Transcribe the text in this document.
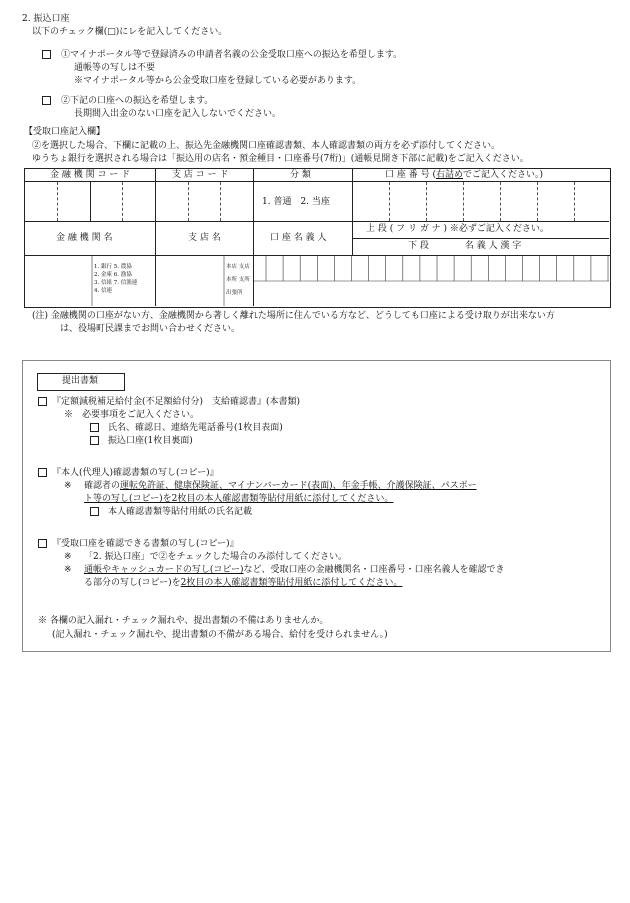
2. 振込口座
以下のチェック欄(□)にレを記入してください。
①マイナポータル等で登録済みの申請者名義の公金受取口座への振込を希望します。
通帳等の写しは不要
※マイナポータル等から公金受取口座を登録している必要があります。
②下記の口座への振込を希望します。
長期間入出金のない口座を記入しないでください。
【受取口座記入欄】
②を選択した場合、下欄に記載の上、振込先金融機関口座確認書類、本人確認書類の両方を必ず添付してください。
ゆうちょ銀行を選択される場合は「振込用の店名・預金種目・口座番号(7桁)」(通帳見開き下部に記載)をご記入ください。
金 融 機 関 コ ー ド	支 店 コ ー ド	分 類	口 座 番 号 (右詰めでご記入ください。)
1. 普通　2. 当座
金 融 機 関 名	支 店 名	口 座 名 義 人
上 段 ( フ リ ガ ナ ) ※必ずご記入ください。
下 段　　　　名 義 人 漢 字
1. 銀行 5. 農協
2. 金庫 6. 漁協
3. 信組 7. 信漁連
4. 信連
本店 支店
本所 支所
出張所
(注) 金融機関の口座がない方、金融機関から著しく離れた場所に住んでいる方など、どうしても口座による受け取りが出来ない方
は、役場町民課までお問い合わせください。
提出書類
『定額減税補足給付金(不足額給付分)　支給確認書』(本書類)
※　必要事項をご記入ください。
氏名、確認日、連絡先電話番号(1枚目表面)
振込口座(1枚目裏面)
『本人(代理人)確認書類の写し(コピー)』
※ 確認者の運転免許証、健康保険証、マイナンバーカード(表面)、年金手帳、介護保険証、パスポー
ト等の写し(コピー)を2枚目の本人確認書類等貼付用紙に添付してください。
本人確認書類等貼付用紙の氏名記載
『受取口座を確認できる書類の写し(コピー)』
※ 「2. 振込口座」で②をチェックした場合のみ添付してください。
※ 通帳やキャッシュカードの写し(コピー)など、受取口座の金融機関名・口座番号・口座名義人を確認でき
る部分の写し(コピー)を2枚目の本人確認書類等貼付用紙に添付してください。
※ 各欄の記入漏れ・チェック漏れや、提出書類の不備はありませんか。
(記入漏れ・チェック漏れや、提出書類の不備がある場合、給付を受けられません。)
